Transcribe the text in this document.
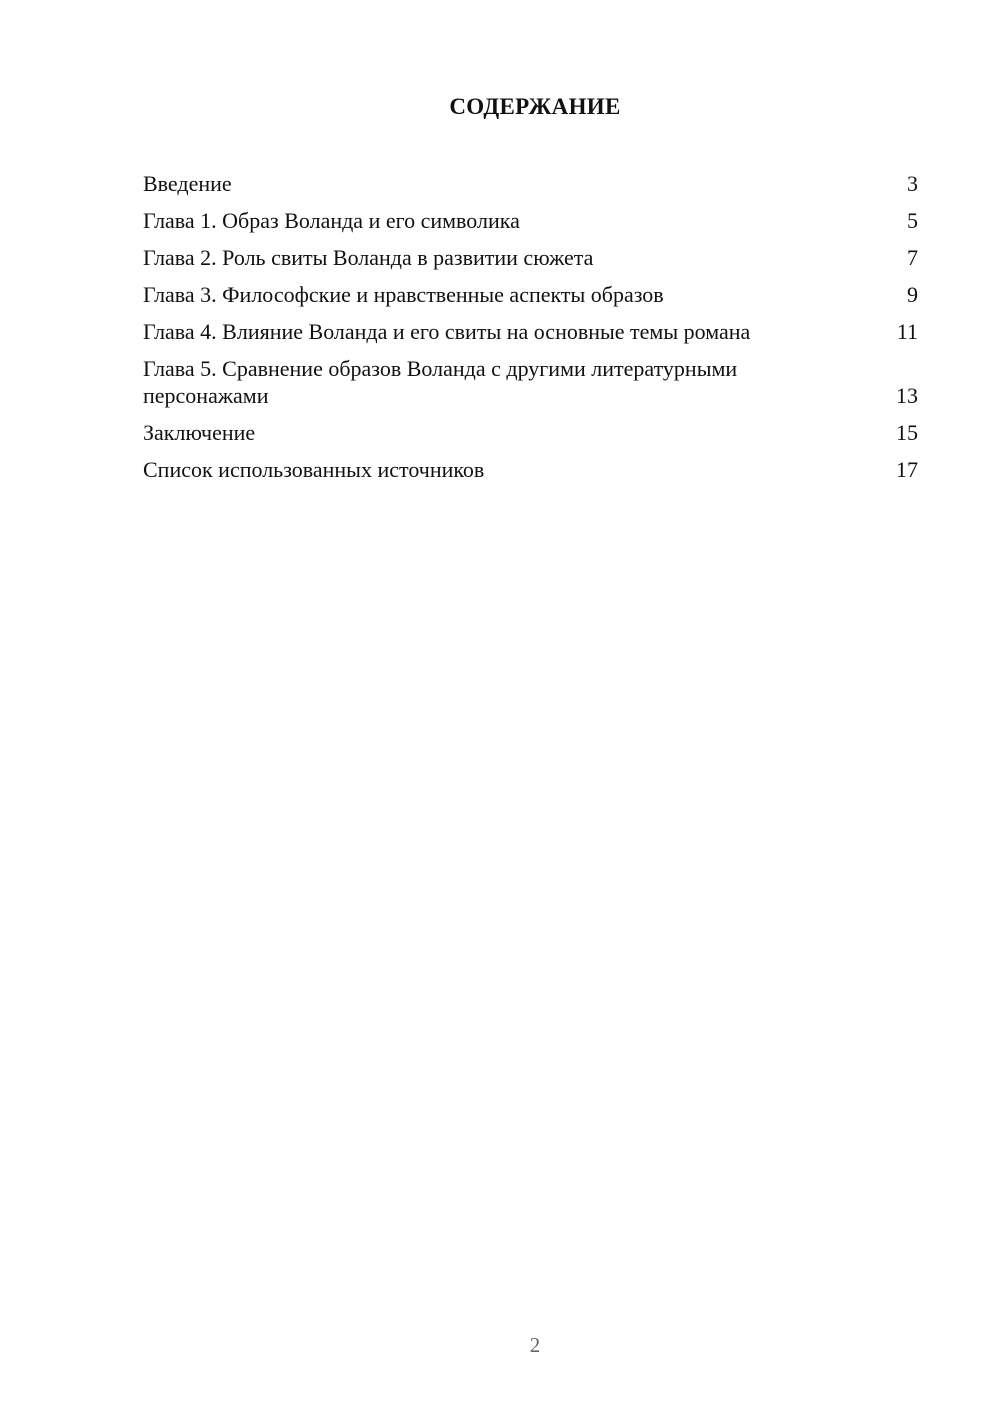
СОДЕРЖАНИЕ
Введение	3
Глава 1. Образ Воланда и его символика	5
Глава 2. Роль свиты Воланда в развитии сюжета	7
Глава 3. Философские и нравственные аспекты образов	9
Глава 4. Влияние Воланда и его свиты на основные темы романа	11
Глава 5. Сравнение образов Воланда с другими литературными персонажами	13
Заключение	15
Список использованных источников	17
2
